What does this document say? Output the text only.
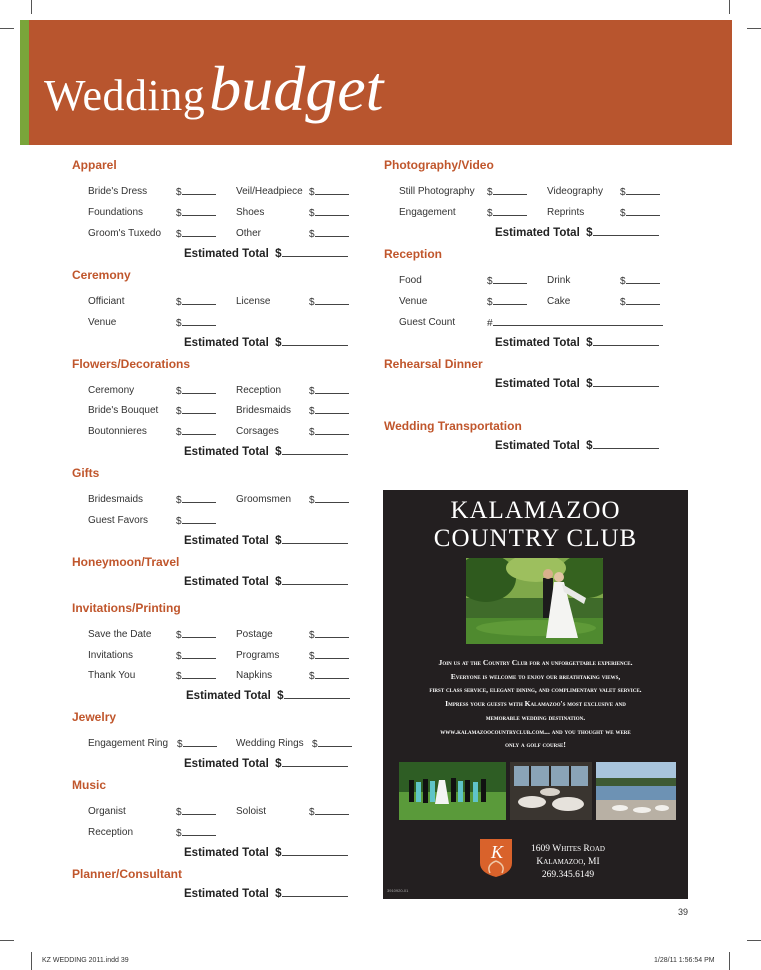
Weddingbudget
Apparel
Bride's Dress	$	Veil/Headpiece $
Foundations	$	Shoes	$
Groom's Tuxedo $	Other	$
Estimated Total $
Ceremony
Officiant	$	License	$
Venue	$
Estimated Total $
Flowers/Decorations
Ceremony	$	Reception	$
Bride's Bouquet $	Bridesmaids $
Boutonnieres	$	Corsages	$
Estimated Total $
Gifts
Bridesmaids	$	Groomsmen $
Guest Favors	$
Estimated Total $
Honeymoon/Travel
Estimated Total $
Invitations/Printing
Save the Date $	Postage	$
Invitations	$	Programs	$
Thank You	$	Napkins	$
Estimated Total $
Jewelry
Engagement Ring $	Wedding Rings $
Estimated Total $
Music
Organist	$	Soloist	$
Reception	$
Estimated Total $
Planner/Consultant
Estimated Total $
Photography/Video
Still Photography $	Videography $
Engagement	$	Reprints	$
Estimated Total $
Reception
Food	$	Drink	$
Venue	$	Cake	$
Guest Count	#
Estimated Total $
Rehearsal Dinner
Estimated Total $
Wedding Transportation
Estimated Total $
KALAMAZOO
COUNTRY CLUB
Join us at the Country Club for an unforgettable experience.
Everyone is welcome to enjoy our breathtaking views,
first class service, elegant dining, and complimentary valet service.
Impress your guests with Kalamazoo's most exclusive and
memorable wedding destination.
www.kalamazoocountryclub.com... and you thought we were
only a golf course!
K	1609 Whites Road
Kalamazoo, MI
269.345.6149
3910920-01
39
KZ WEDDING 2011.indd 39	1/28/11 1:56:54 PM
